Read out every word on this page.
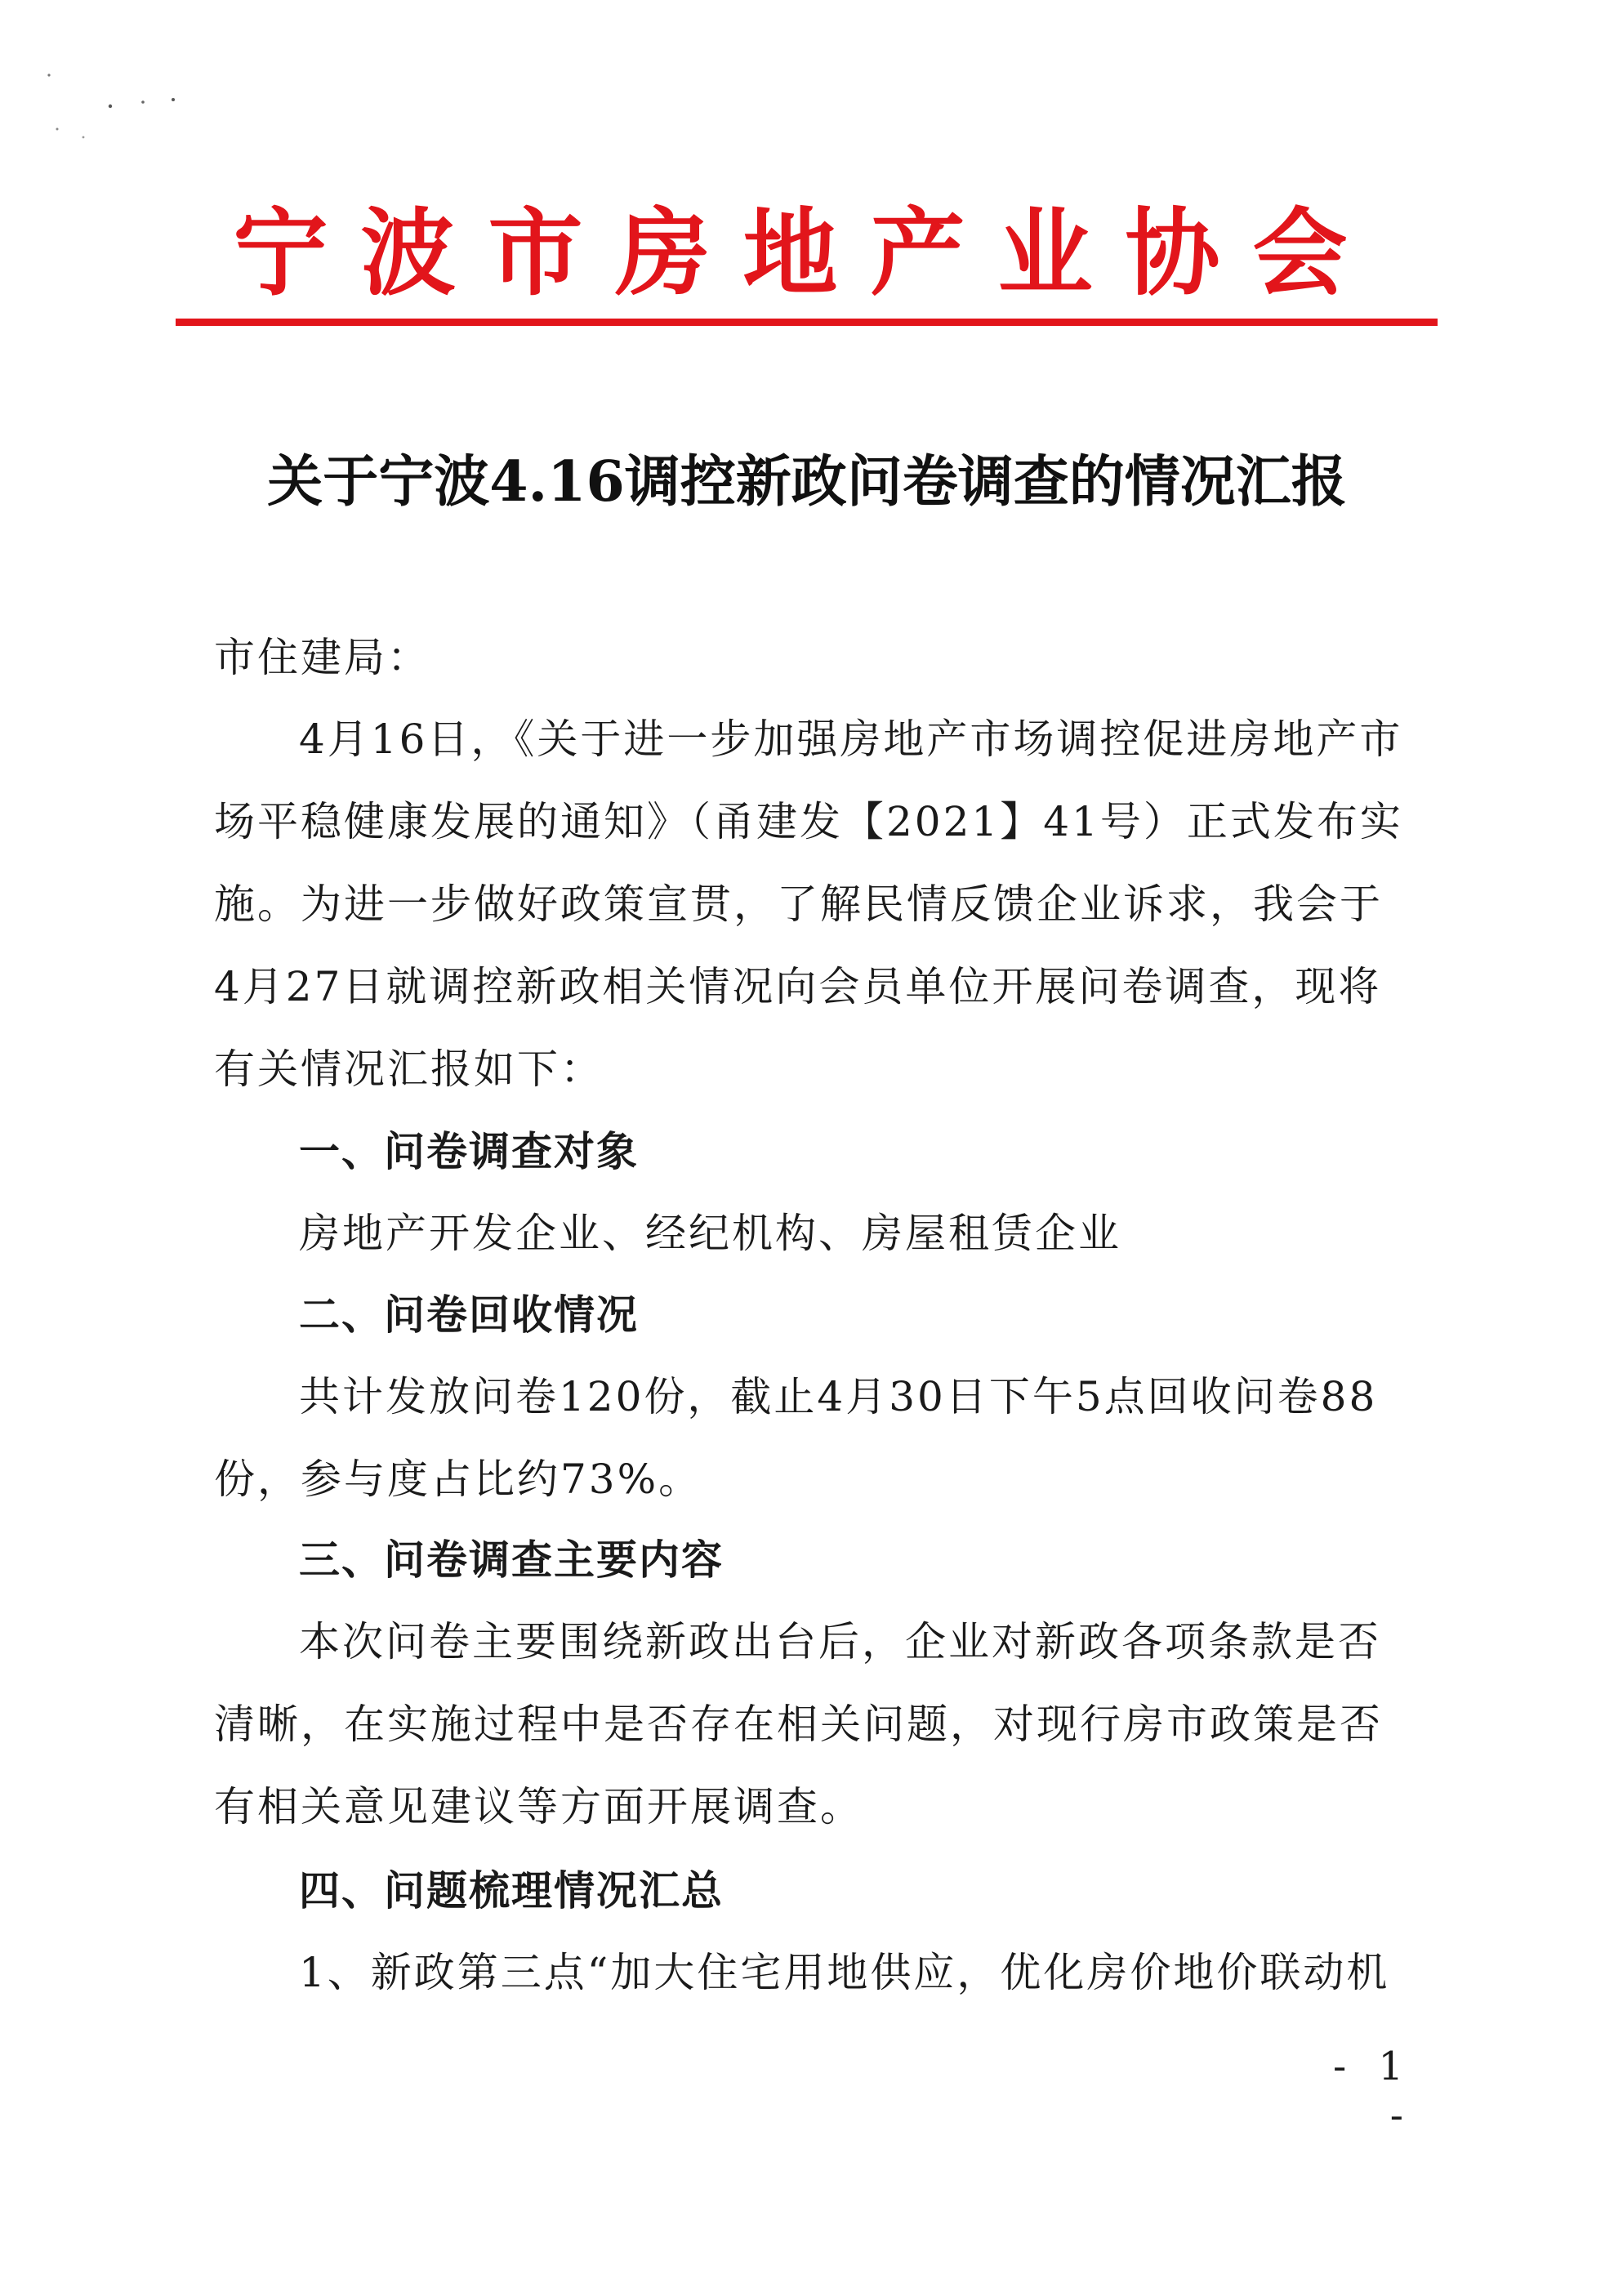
宁波市房地产业协会
关于宁波4.16调控新政问卷调查的情况汇报

市住建局：

4月16日，《关于进一步加强房地产市场调控促进房地产市场平稳健康发展的通知》（甬建发【2021】41号）正式发布实施。为进一步做好政策宣贯，了解民情反馈企业诉求，我会于4月27日就调控新政相关情况向会员单位开展问卷调查，现将有关情况汇报如下：

一、问卷调查对象

房地产开发企业、经纪机构、房屋租赁企业

二、问卷回收情况

共计发放问卷120份，截止4月30日下午5点回收问卷88份，参与度占比约73%。

三、问卷调查主要内容

本次问卷主要围绕新政出台后，企业对新政各项条款是否清晰，在实施过程中是否存在相关问题，对现行房市政策是否有相关意见建议等方面开展调查。

四、问题梳理情况汇总

1、新政第三点“加大住宅用地供应，优化房价地价联动机

- 1 -
